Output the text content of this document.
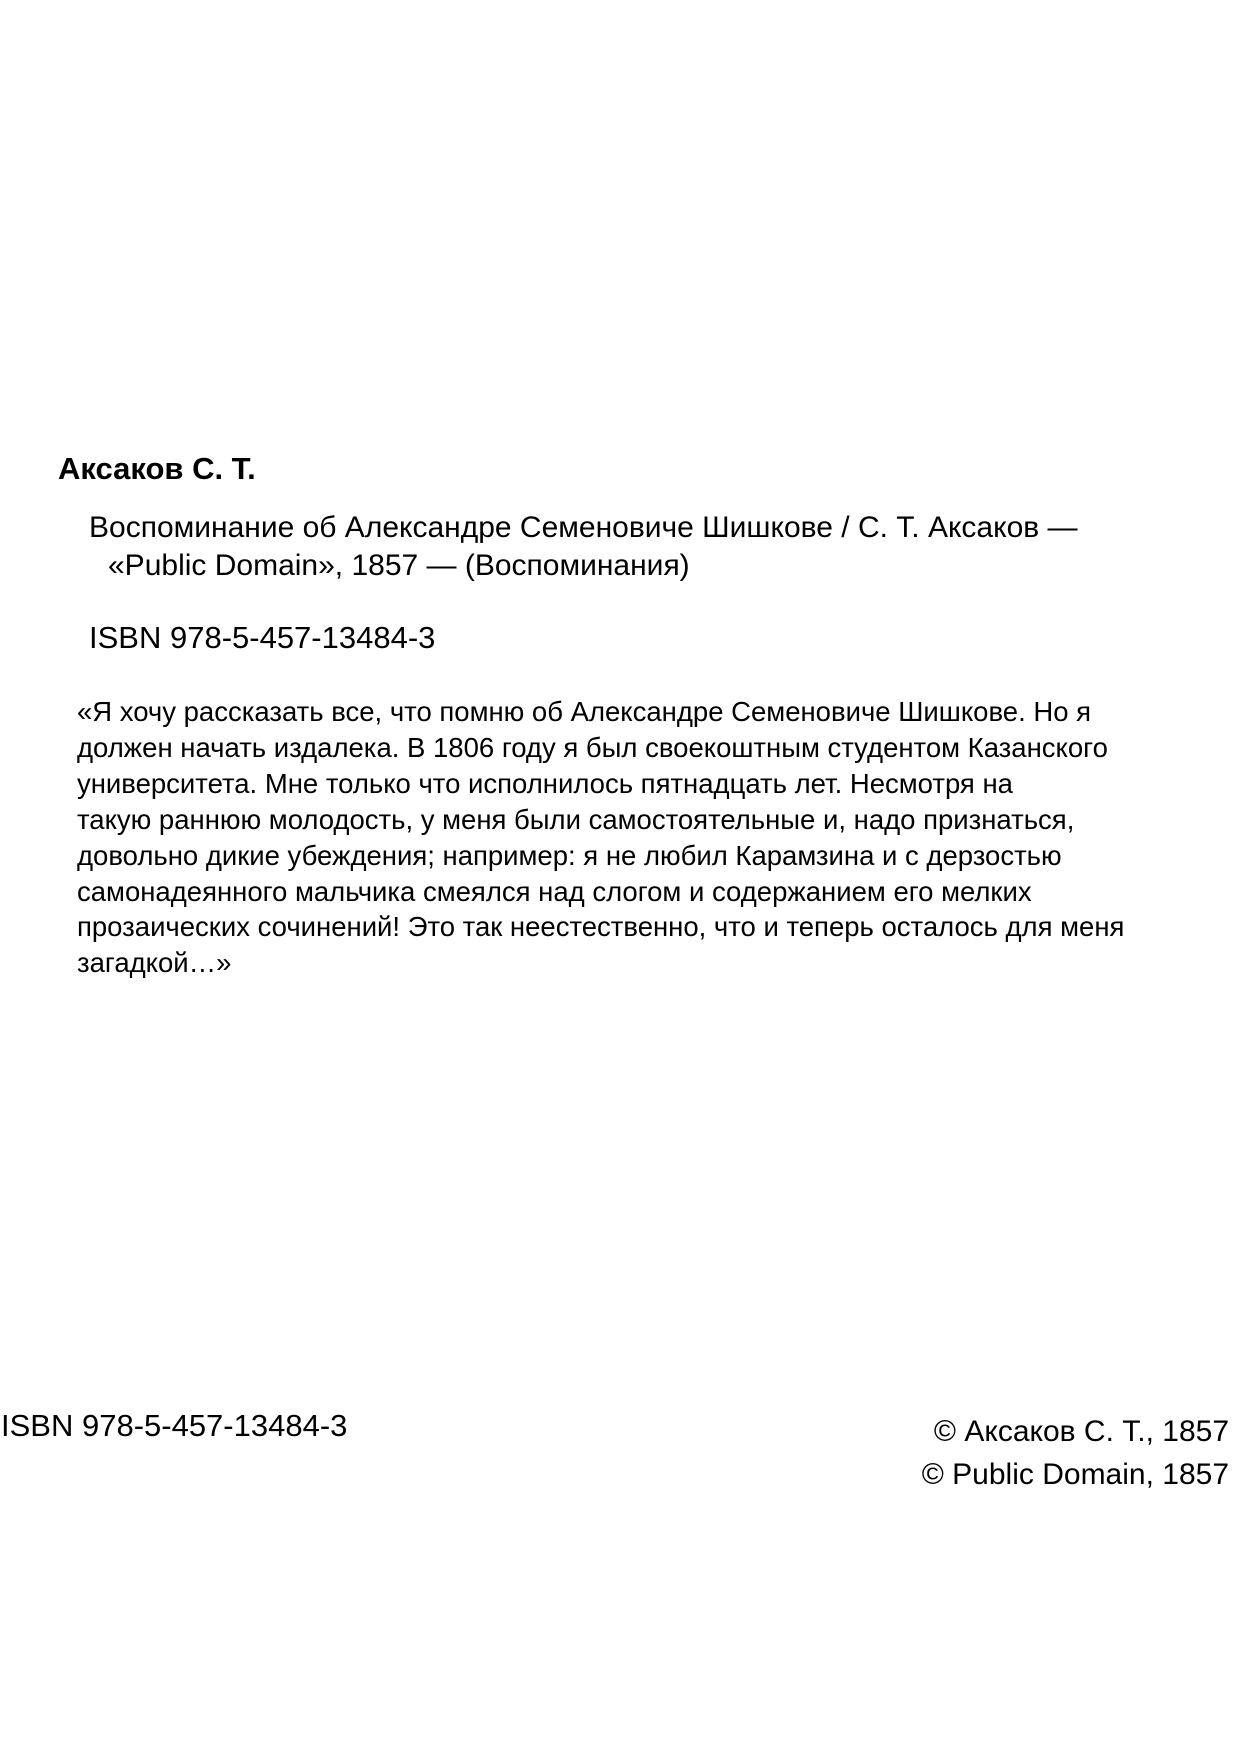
Аксаков С. Т.
Воспоминание об Александре Семеновиче Шишкове / С. Т. Аксаков —
«Public Domain», 1857 — (Воспоминания)
ISBN 978-5-457-13484-3
«Я хочу рассказать все, что помню об Александре Семеновиче Шишкове. Но я
должен начать издалека. В 1806 году я был своекоштным студентом Казанского
университета. Мне только что исполнилось пятнадцать лет. Несмотря на
такую раннюю молодость, у меня были самостоятельные и, надо признаться,
довольно дикие убеждения; например: я не любил Карамзина и с дерзостью
самонадеянного мальчика смеялся над слогом и содержанием его мелких
прозаических сочинений! Это так неестественно, что и теперь осталось для меня
загадкой…»
ISBN 978-5-457-13484-3	© Аксаков С. Т., 1857
© Public Domain, 1857
